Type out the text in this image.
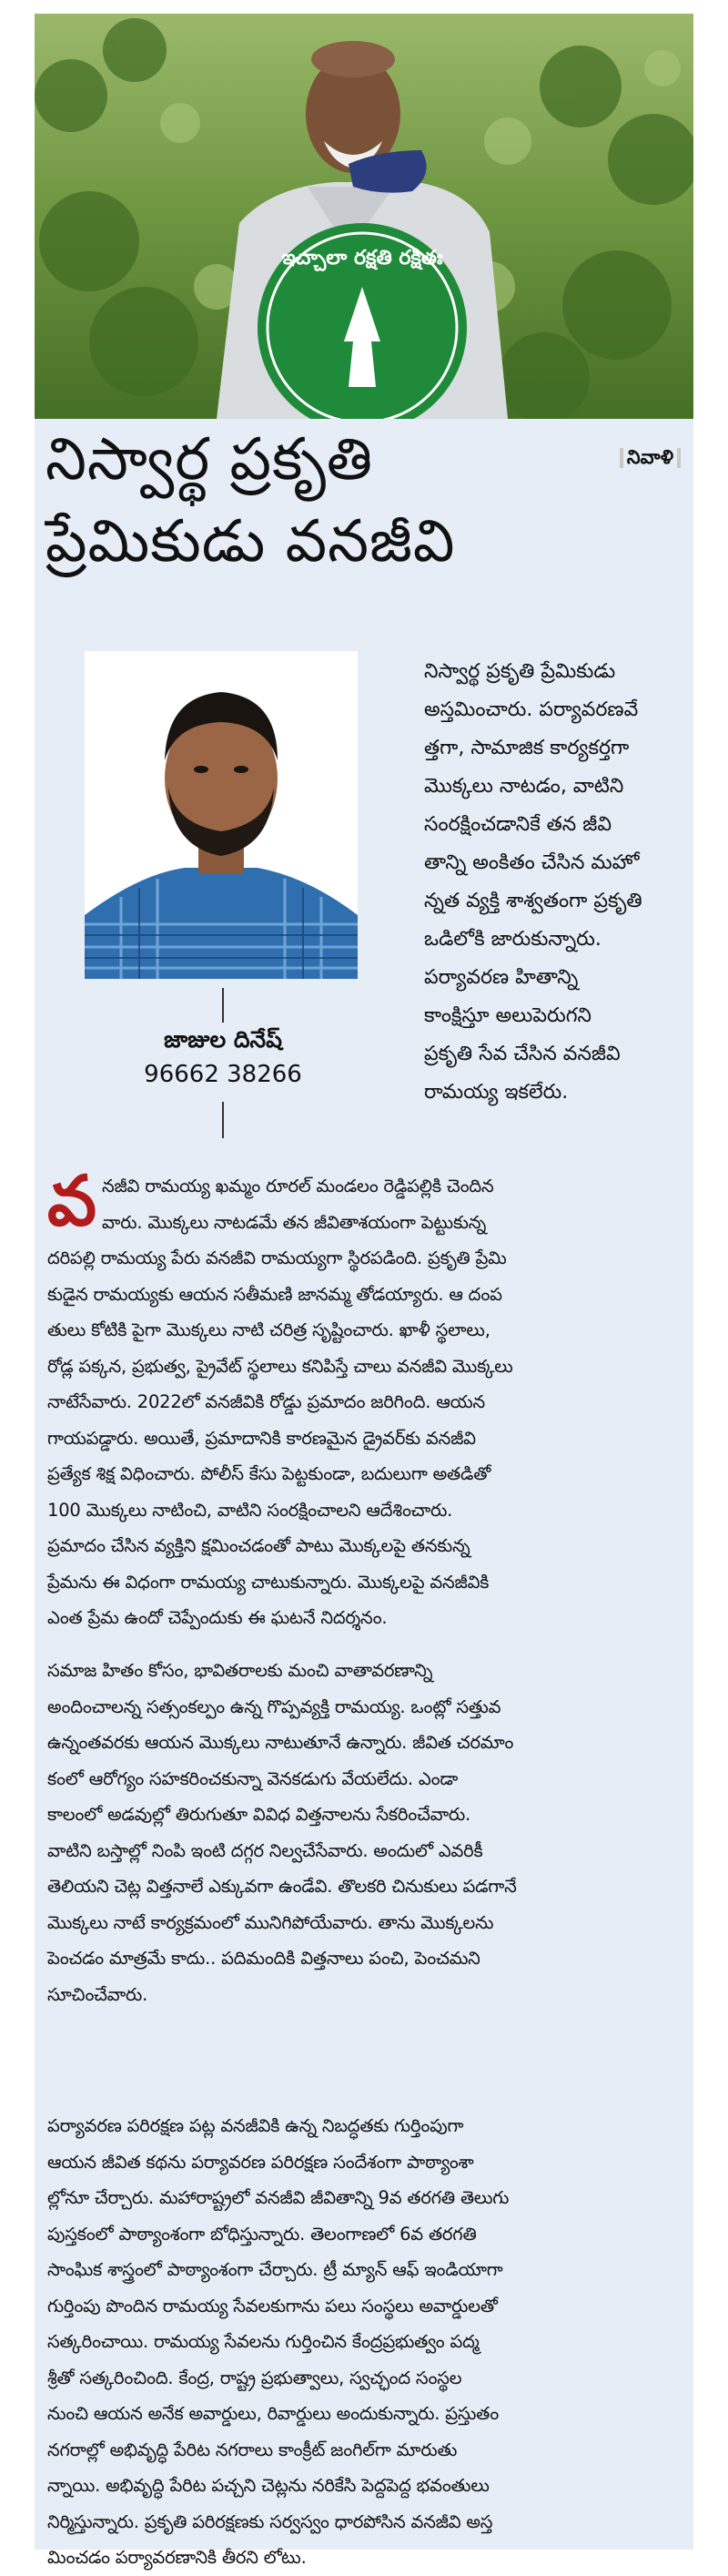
ఇచ్చాలా రక్షతి రక్షితః
నిస్వార్థ ప్రకృతి
ప్రేమికుడు వనజీవి
నివాళి
జాజుల దినేష్
96662 38266

నిస్వార్థ ప్రకృతి ప్రేమికుడు

అస్తమించారు. పర్యావరణవే

త్తగా, సామాజిక కార్యకర్తగా

మొక్కలు నాటడం, వాటిని

సంరక్షించడానికే తన జీవి

తాన్ని అంకితం చేసిన మహో

న్నత వ్యక్తి శాశ్వతంగా ప్రకృతి

ఒడిలోకి జారుకున్నారు.

పర్యావరణ హితాన్ని

కాంక్షిస్తూ అలుపెరుగని

ప్రకృతి సేవ చేసిన వనజీవి

రామయ్య ఇకలేరు.

వ నజీవి రామయ్య ఖమ్మం రూరల్ మండలం రెడ్డిపల్లికి చెందిన

వారు. మొక్కలు నాటడమే తన జీవితాశయంగా పెట్టుకున్న

దరిపల్లి రామయ్య పేరు వనజీవి రామయ్యగా స్థిరపడింది. ప్రకృతి ప్రేమి

కుడైన రామయ్యకు ఆయన సతీమణి జానమ్మ తోడయ్యారు. ఆ దంప

తులు కోటికి పైగా మొక్కలు నాటి చరిత్ర సృష్టించారు. ఖాళీ స్థలాలు,

రోడ్ల పక్కన, ప్రభుత్వ, ప్రైవేట్ స్థలాలు కనిపిస్తే చాలు వనజీవి మొక్కలు

నాటేసేవారు. 2022లో వనజీవికి రోడ్డు ప్రమాదం జరిగింది. ఆయన

గాయపడ్డారు. అయితే, ప్రమాదానికి కారణమైన డ్రైవర్‌కు వనజీవి

ప్రత్యేక శిక్ష విధించారు. పోలీస్ కేసు పెట్టకుండా, బదులుగా అతడితో

100 మొక్కలు నాటించి, వాటిని సంరక్షించాలని ఆదేశించారు.

ప్రమాదం చేసిన వ్యక్తిని క్షమించడంతో పాటు మొక్కలపై తనకున్న

ప్రేమను ఈ విధంగా రామయ్య చాటుకున్నారు. మొక్కలపై వనజీవికి

ఎంత ప్రేమ ఉందో చెప్పేందుకు ఈ ఘటనే నిదర్శనం.

సమాజ హితం కోసం, భావితరాలకు మంచి వాతావరణాన్ని

అందించాలన్న సత్సంకల్పం ఉన్న గొప్పవ్యక్తి రామయ్య. ఒంట్లో సత్తువ

ఉన్నంతవరకు ఆయన మొక్కలు నాటుతూనే ఉన్నారు. జీవిత చరమాం

కంలో ఆరోగ్యం సహకరించకున్నా వెనకడుగు వేయలేదు. ఎండా

కాలంలో అడవుల్లో తిరుగుతూ వివిధ విత్తనాలను సేకరించేవారు.

వాటిని బస్తాల్లో నింపి ఇంటి దగ్గర నిల్వచేసేవారు. అందులో ఎవరికీ

తెలియని చెట్ల విత్తనాలే ఎక్కువగా ఉండేవి. తొలకరి చినుకులు పడగానే

మొక్కలు నాటే కార్యక్రమంలో మునిగిపోయేవారు. తాను మొక్కలను

పెంచడం మాత్రమే కాదు.. పదిమందికి విత్తనాలు పంచి, పెంచమని

సూచించేవారు.

పర్యావరణ పరిరక్షణ పట్ల వనజీవికి ఉన్న నిబద్ధతకు గుర్తింపుగా

ఆయన జీవిత కథను పర్యావరణ పరిరక్షణ సందేశంగా పాఠ్యాంశా

ల్లోనూ చేర్చారు. మహారాష్ట్రలో వనజీవి జీవితాన్ని 9వ తరగతి తెలుగు

పుస్తకంలో పాఠ్యాంశంగా బోధిస్తున్నారు. తెలంగాణలో 6వ తరగతి

సాంఘిక శాస్త్రంలో పాఠ్యాంశంగా చేర్చారు. ట్రీ మ్యాన్ ఆఫ్ ఇండియాగా

గుర్తింపు పొందిన రామయ్య సేవలకుగాను పలు సంస్థలు అవార్డులతో

సత్కరించాయి. రామయ్య సేవలను గుర్తించిన కేంద్రప్రభుత్వం పద్మ

శ్రీతో సత్కరించింది. కేంద్ర, రాష్ట్ర ప్రభుత్వాలు, స్వచ్ఛంద సంస్థల

నుంచి ఆయన అనేక అవార్డులు, రివార్డులు అందుకున్నారు. ప్రస్తుతం

నగరాల్లో అభివృద్ధి పేరిట నగరాలు కాంక్రీట్ జంగిల్‌గా మారుతు

న్నాయి. అభివృద్ధి పేరిట పచ్చని చెట్లను నరికేసి పెద్దపెద్ద భవంతులు

నిర్మిస్తున్నారు. ప్రకృతి పరిరక్షణకు సర్వస్వం ధారపోసిన వనజీవి అస్త

మించడం పర్యావరణానికి తీరని లోటు.
